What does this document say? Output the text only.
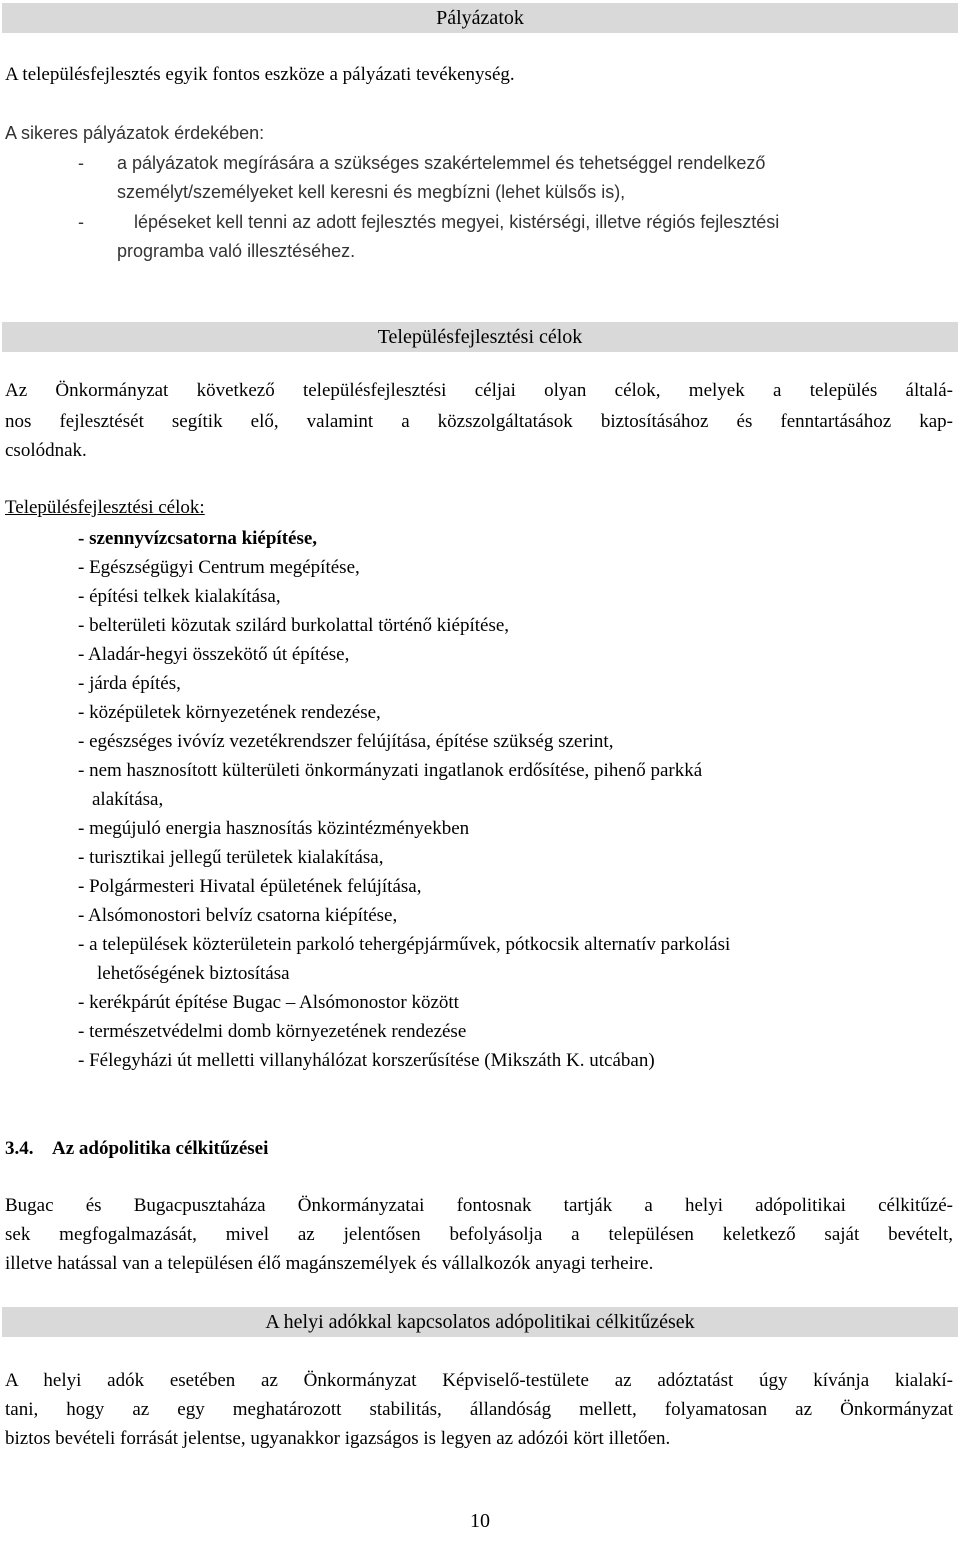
Pályázatok
A településfejlesztés egyik fontos eszköze a pályázati tevékenység.
A sikeres pályázatok érdekében:
- a pályázatok megírására a szükséges szakértelemmel és tehetséggel rendelkező
személyt/személyeket kell keresni és megbízni (lehet külsős is),
-	lépéseket kell tenni az adott fejlesztés megyei, kistérségi, illetve régiós fejlesztési
programba való illesztéséhez.
Településfejlesztési célok
Az Önkormányzat következő településfejlesztési céljai olyan célok, melyek a település általá-
nos fejlesztését segítik elő, valamint a közszolgáltatások biztosításához és fenntartásához kap-
csolódnak.
Településfejlesztési célok:
- szennyvízcsatorna kiépítése,
- Egészségügyi Centrum megépítése,
- építési telkek kialakítása,
- belterületi közutak szilárd burkolattal történő kiépítése,
- Aladár-hegyi összekötő út építése,
- járda építés,
- középületek környezetének rendezése,
- egészséges ivóvíz vezetékrendszer felújítása, építése szükség szerint,
- nem hasznosított külterületi önkormányzati ingatlanok erdősítése, pihenő parkká
alakítása,
- megújuló energia hasznosítás közintézményekben
- turisztikai jellegű területek kialakítása,
- Polgármesteri Hivatal épületének felújítása,
- Alsómonostori belvíz csatorna kiépítése,
- a települések közterületein parkoló tehergépjárművek, pótkocsik alternatív parkolási
lehetőségének biztosítása
- kerékpárút építése Bugac – Alsómonostor között
- természetvédelmi domb környezetének rendezése
- Félegyházi út melletti villanyhálózat korszerűsítése (Mikszáth K. utcában)
3.4. Az adópolitika célkitűzései
Bugac és Bugacpusztaháza Önkormányzatai fontosnak tartják a helyi adópolitikai célkitűzé-
sek megfogalmazását, mivel az jelentősen befolyásolja a településen keletkező saját bevételt,
illetve hatással van a településen élő magánszemélyek és vállalkozók anyagi terheire.
A helyi adókkal kapcsolatos adópolitikai célkitűzések
A helyi adók esetében az Önkormányzat Képviselő-testülete az adóztatást úgy kívánja kialakí-
tani, hogy az egy meghatározott stabilitás, állandóság mellett, folyamatosan az Önkormányzat
biztos bevételi forrását jelentse, ugyanakkor igazságos is legyen az adózói kört illetően.
10
